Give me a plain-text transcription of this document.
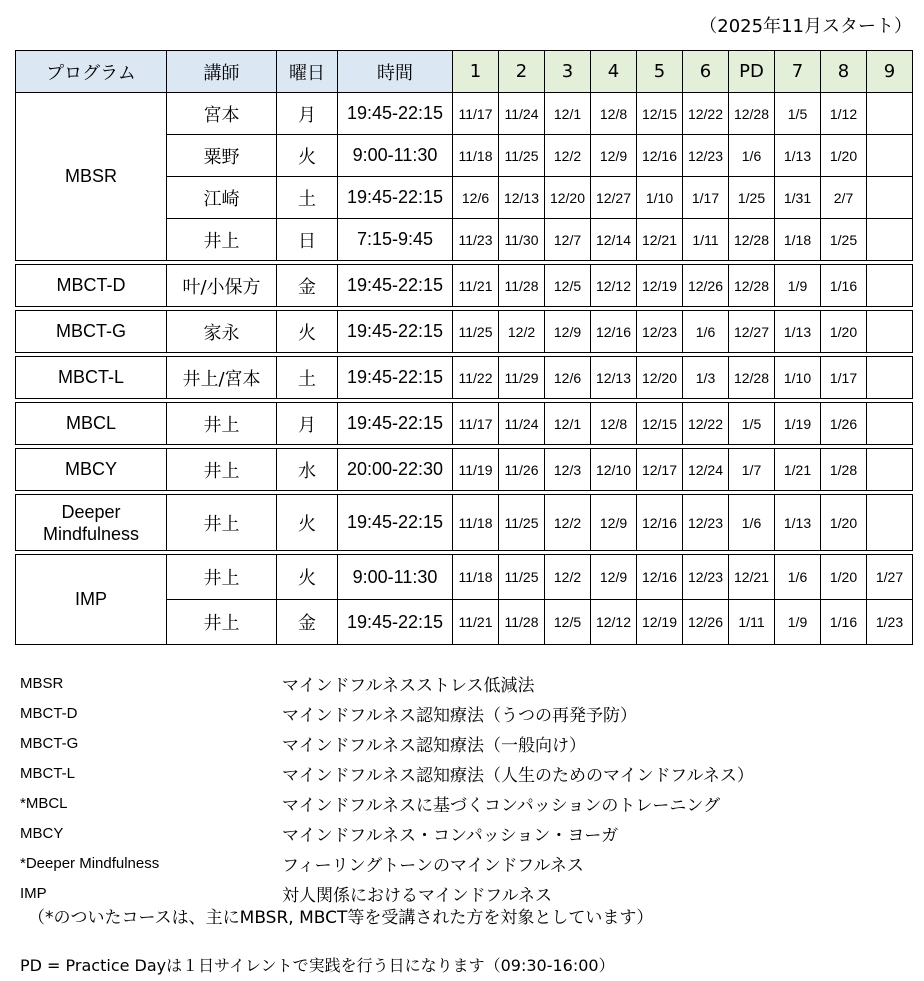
（2025年11月スタート）
プログラム	講師	曜日	時間	1	2	3	4	5	6	PD	7	8	9
MBSR	宮本	月	19:45-22:15	11/17	11/24	12/1	12/8	12/15	12/22	12/28	1/5	1/12	
	粟野	火	9:00-11:30	11/18	11/25	12/2	12/9	12/16	12/23	1/6	1/13	1/20	
	江崎	土	19:45-22:15	12/6	12/13	12/20	12/27	1/10	1/17	1/25	1/31	2/7	
	井上	日	7:15-9:45	11/23	11/30	12/7	12/14	12/21	1/11	12/28	1/18	1/25	

MBCT-D	叶/小保方	金	19:45-22:15	11/21	11/28	12/5	12/12	12/19	12/26	12/28	1/9	1/16	

MBCT-G	家永	火	19:45-22:15	11/25	12/2	12/9	12/16	12/23	1/6	12/27	1/13	1/20	

MBCT-L	井上/宮本	土	19:45-22:15	11/22	11/29	12/6	12/13	12/20	1/3	12/28	1/10	1/17	

MBCL	井上	月	19:45-22:15	11/17	11/24	12/1	12/8	12/15	12/22	1/5	1/19	1/26	

MBCY	井上	水	20:00-22:30	11/19	11/26	12/3	12/10	12/17	12/24	1/7	1/21	1/28	

Deeper
Mindfulness	井上	火	19:45-22:15	11/18	11/25	12/2	12/9	12/16	12/23	1/6	1/13	1/20	

IMP	井上	火	9:00-11:30	11/18	11/25	12/2	12/9	12/16	12/23	12/21	1/6	1/20	1/27
	井上	金	19:45-22:15	11/21	11/28	12/5	12/12	12/19	12/26	1/11	1/9	1/16	1/23
MBSR	マインドフルネスストレス低減法
MBCT-D	マインドフルネス認知療法（うつの再発予防）
MBCT-G	マインドフルネス認知療法（一般向け）
MBCT-L	マインドフルネス認知療法（人生のためのマインドフルネス）
*MBCL	マインドフルネスに基づくコンパッションのトレーニング
MBCY	マインドフルネス・コンパッション・ヨーガ
*Deeper Mindfulness	フィーリングトーンのマインドフルネス
IMP	対人関係におけるマインドフルネス
（*のついたコースは、主にMBSR, MBCT等を受講された方を対象としています）
PD = Practice Dayは１日サイレントで実践を行う日になります（09:30-16:00）
